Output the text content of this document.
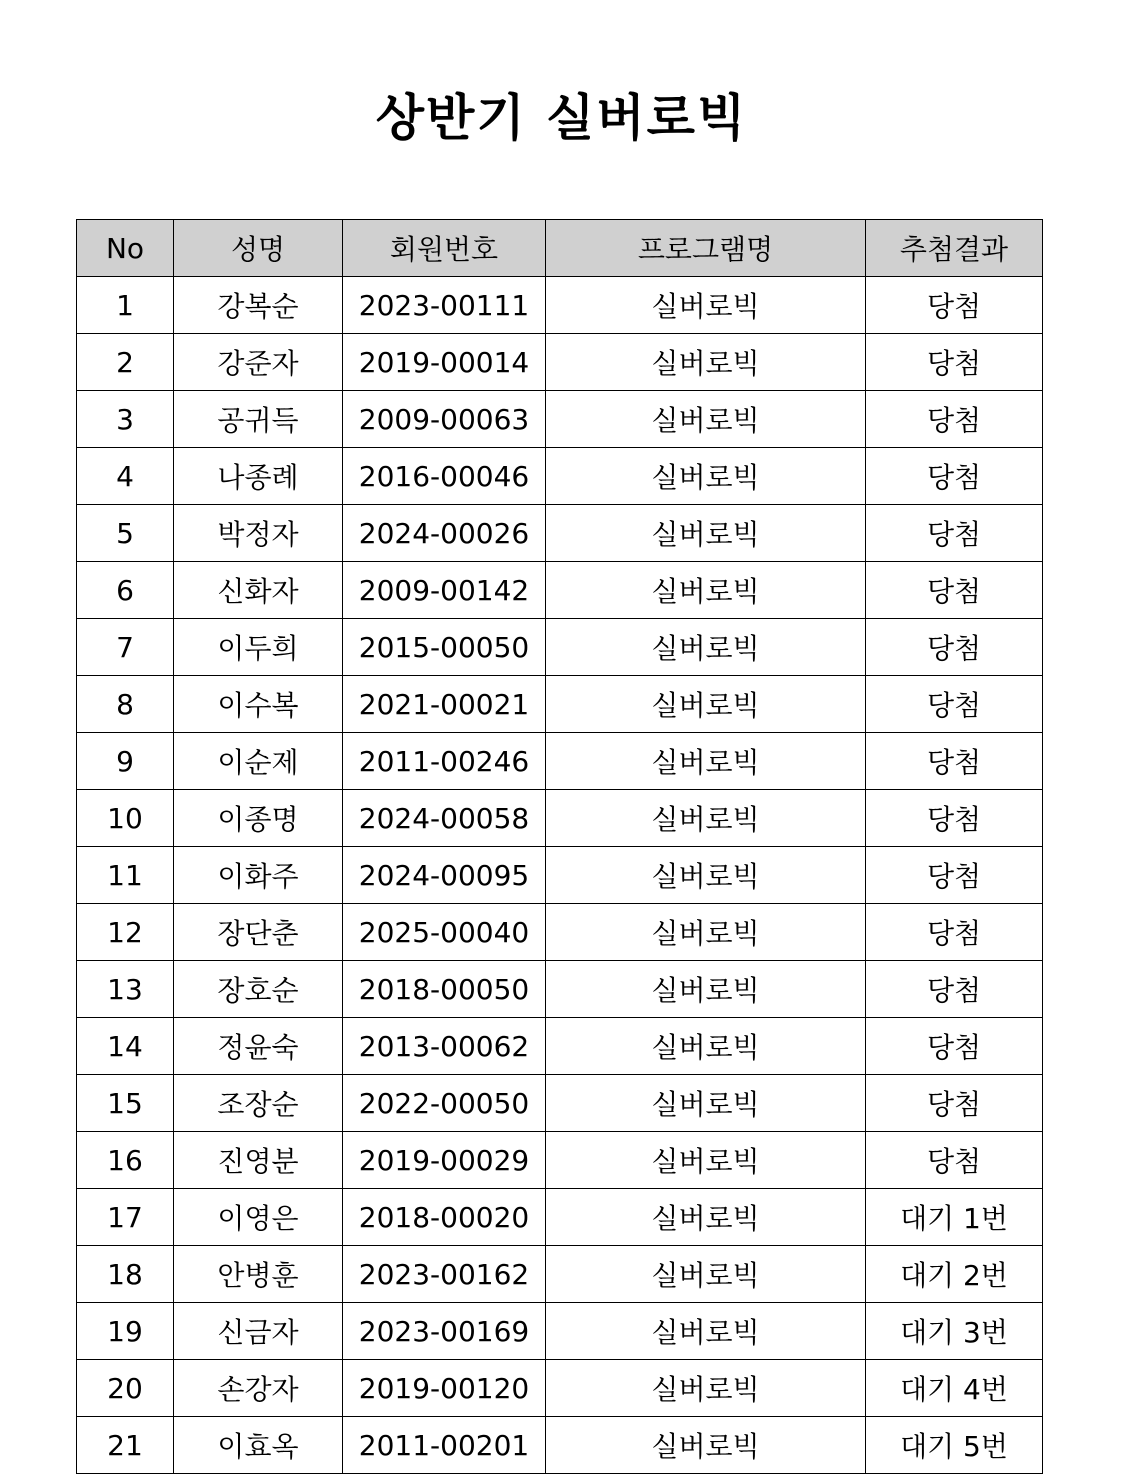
상반기 실버로빅
No	성명	회원번호	프로그램명	추첨결과
1	강복순	2023-00111	실버로빅	당첨
2	강준자	2019-00014	실버로빅	당첨
3	공귀득	2009-00063	실버로빅	당첨
4	나종례	2016-00046	실버로빅	당첨
5	박정자	2024-00026	실버로빅	당첨
6	신화자	2009-00142	실버로빅	당첨
7	이두희	2015-00050	실버로빅	당첨
8	이수복	2021-00021	실버로빅	당첨
9	이순제	2011-00246	실버로빅	당첨
10	이종명	2024-00058	실버로빅	당첨
11	이화주	2024-00095	실버로빅	당첨
12	장단춘	2025-00040	실버로빅	당첨
13	장호순	2018-00050	실버로빅	당첨
14	정윤숙	2013-00062	실버로빅	당첨
15	조장순	2022-00050	실버로빅	당첨
16	진영분	2019-00029	실버로빅	당첨
17	이영은	2018-00020	실버로빅	대기 1번
18	안병훈	2023-00162	실버로빅	대기 2번
19	신금자	2023-00169	실버로빅	대기 3번
20	손강자	2019-00120	실버로빅	대기 4번
21	이효옥	2011-00201	실버로빅	대기 5번
